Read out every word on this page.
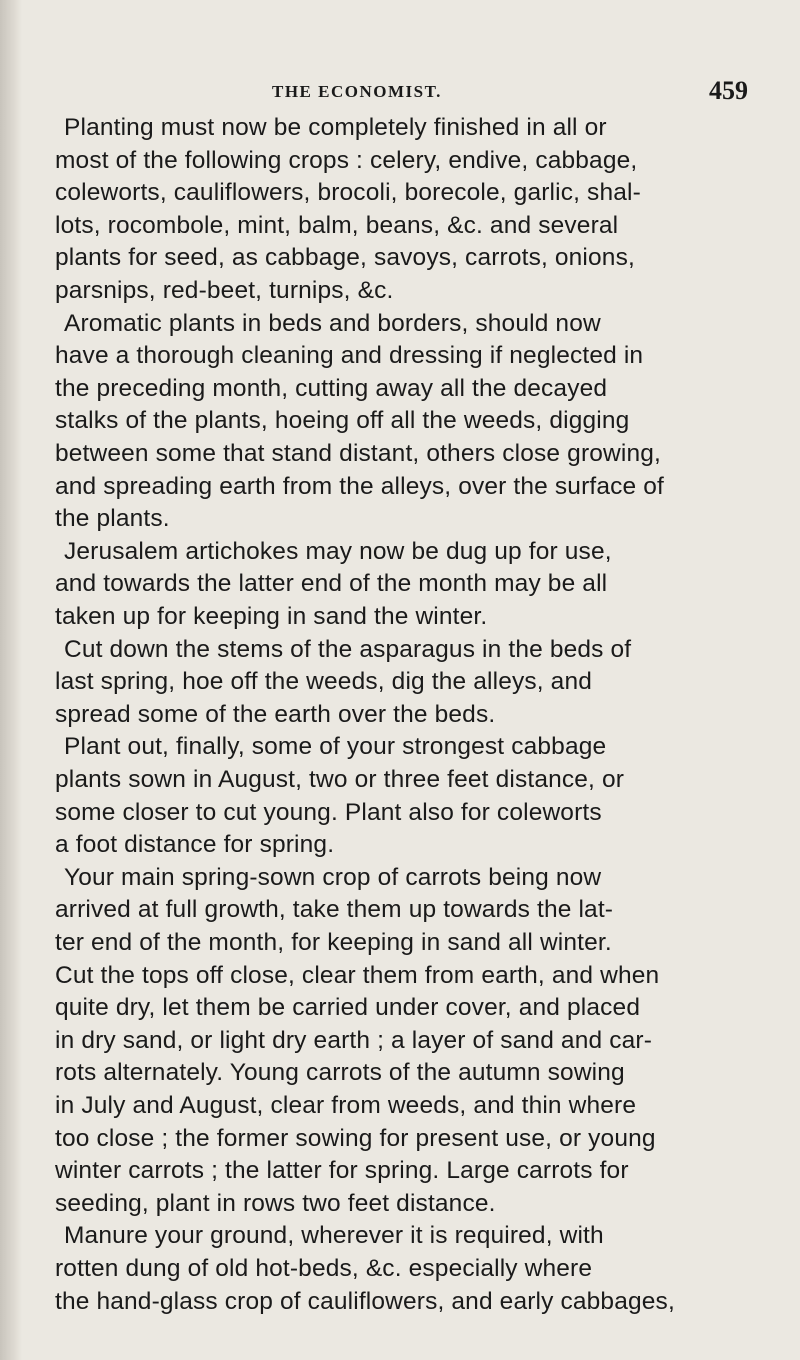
THE ECONOMIST.	459
Planting must now be completely finished in all or
most of the following crops : celery, endive, cabbage,
coleworts, cauliflowers, brocoli, borecole, garlic, shal-
lots, rocombole, mint, balm, beans, &c. and several
plants for seed, as cabbage, savoys, carrots, onions,
parsnips, red-beet, turnips, &c.
Aromatic plants in beds and borders, should now
have a thorough cleaning and dressing if neglected in
the preceding month, cutting away all the decayed
stalks of the plants, hoeing off all the weeds, digging
between some that stand distant, others close growing,
and spreading earth from the alleys, over the surface of
the plants.
Jerusalem artichokes may now be dug up for use,
and towards the latter end of the month may be all
taken up for keeping in sand the winter.
Cut down the stems of the asparagus in the beds of
last spring, hoe off the weeds, dig the alleys, and
spread some of the earth over the beds.
Plant out, finally, some of your strongest cabbage
plants sown in August, two or three feet distance, or
some closer to cut young. Plant also for coleworts
a foot distance for spring.
Your main spring-sown crop of carrots being now
arrived at full growth, take them up towards the lat-
ter end of the month, for keeping in sand all winter.
Cut the tops off close, clear them from earth, and when
quite dry, let them be carried under cover, and placed
in dry sand, or light dry earth ; a layer of sand and car-
rots alternately. Young carrots of the autumn sowing
in July and August, clear from weeds, and thin where
too close ; the former sowing for present use, or young
winter carrots ; the latter for spring. Large carrots for
seeding, plant in rows two feet distance.
Manure your ground, wherever it is required, with
rotten dung of old hot-beds, &c. especially where
the hand-glass crop of cauliflowers, and early cabbages,
